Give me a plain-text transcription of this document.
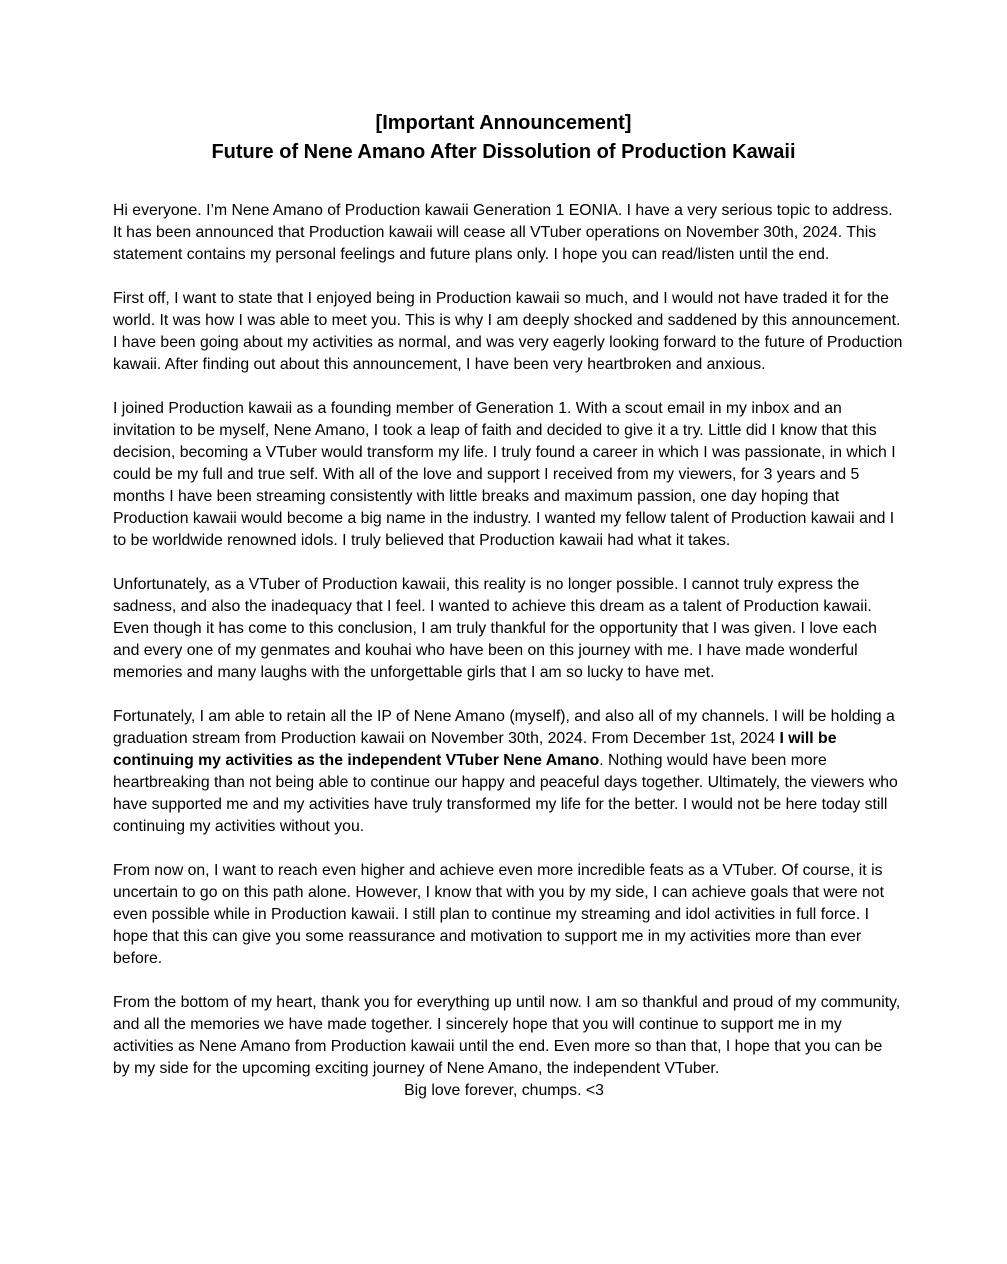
[Important Announcement]
Future of Nene Amano After Dissolution of Production Kawaii

Hi everyone. I’m Nene Amano of Production kawaii Generation 1 EONIA. I have a very serious topic to address. It has been announced that Production kawaii will cease all VTuber operations on November 30th, 2024. This statement contains my personal feelings and future plans only. I hope you can read/listen until the end.

First off, I want to state that I enjoyed being in Production kawaii so much, and I would not have traded it for the world. It was how I was able to meet you. This is why I am deeply shocked and saddened by this announcement. I have been going about my activities as normal, and was very eagerly looking forward to the future of Production kawaii. After finding out about this announcement, I have been very heartbroken and anxious.

I joined Production kawaii as a founding member of Generation 1. With a scout email in my inbox and an invitation to be myself, Nene Amano, I took a leap of faith and decided to give it a try. Little did I know that this decision, becoming a VTuber would transform my life. I truly found a career in which I was passionate, in which I could be my full and true self. With all of the love and support I received from my viewers, for 3 years and 5 months I have been streaming consistently with little breaks and maximum passion, one day hoping that Production kawaii would become a big name in the industry. I wanted my fellow talent of Production kawaii and I to be worldwide renowned idols. I truly believed that Production kawaii had what it takes.

Unfortunately, as a VTuber of Production kawaii, this reality is no longer possible. I cannot truly express the sadness, and also the inadequacy that I feel. I wanted to achieve this dream as a talent of Production kawaii. Even though it has come to this conclusion, I am truly thankful for the opportunity that I was given. I love each and every one of my genmates and kouhai who have been on this journey with me. I have made wonderful memories and many laughs with the unforgettable girls that I am so lucky to have met.

Fortunately, I am able to retain all the IP of Nene Amano (myself), and also all of my channels. I will be holding a graduation stream from Production kawaii on November 30th, 2024. From December 1st, 2024 I will be continuing my activities as the independent VTuber Nene Amano. Nothing would have been more heartbreaking than not being able to continue our happy and peaceful days together. Ultimately, the viewers who have supported me and my activities have truly transformed my life for the better. I would not be here today still continuing my activities without you.

From now on, I want to reach even higher and achieve even more incredible feats as a VTuber. Of course, it is uncertain to go on this path alone. However, I know that with you by my side, I can achieve goals that were not even possible while in Production kawaii. I still plan to continue my streaming and idol activities in full force. I hope that this can give you some reassurance and motivation to support me in my activities more than ever before.

From the bottom of my heart, thank you for everything up until now. I am so thankful and proud of my community, and all the memories we have made together. I sincerely hope that you will continue to support me in my activities as Nene Amano from Production kawaii until the end. Even more so than that, I hope that you can be by my side for the upcoming exciting journey of Nene Amano, the independent VTuber.

Big love forever, chumps. <3
